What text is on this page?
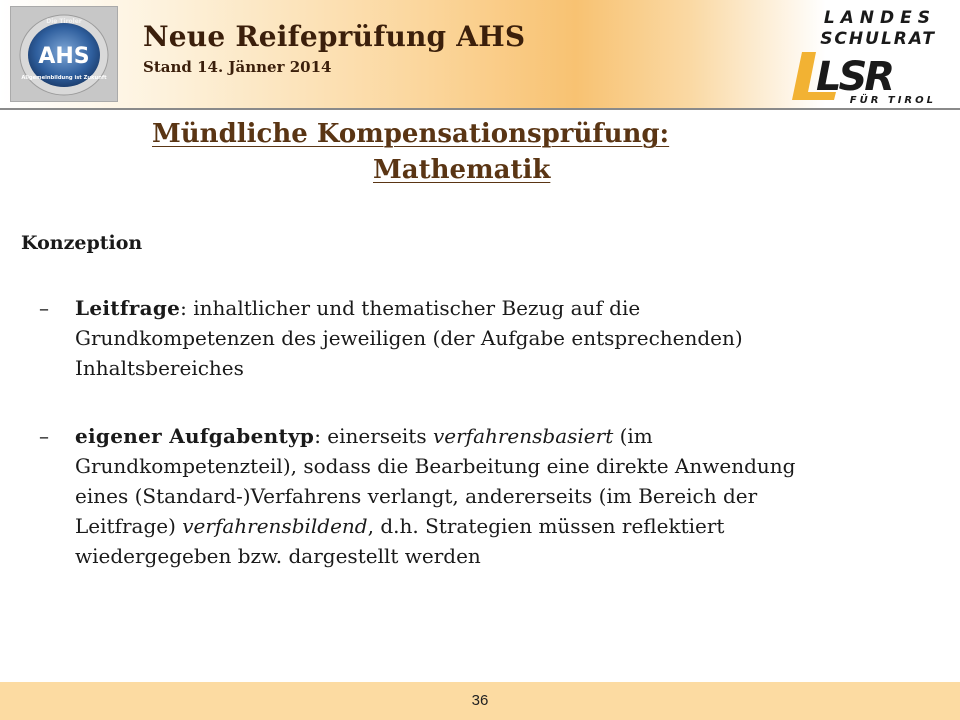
Die Tiroler
AHS
Allgemeinbildung ist Zukunft
Neue Reifeprüfung AHS
Stand 14. Jänner 2014
LANDES
SCHULRAT
LSR
FÜR TIROL
Mündliche Kompensationsprüfung:
Mathematik
Konzeption
– Leitfrage: inhaltlicher und thematischer Bezug auf die Grundkompetenzen des jeweiligen (der Aufgabe entsprechenden) Inhaltsbereiches
– eigener Aufgabentyp: einerseits verfahrensbasiert (im Grundkompetenzteil), sodass die Bearbeitung eine direkte Anwendung eines (Standard-)Verfahrens verlangt, andererseits (im Bereich der Leitfrage) verfahrensbildend, d.h. Strategien müssen reflektiert wiedergegeben bzw. dargestellt werden
36
